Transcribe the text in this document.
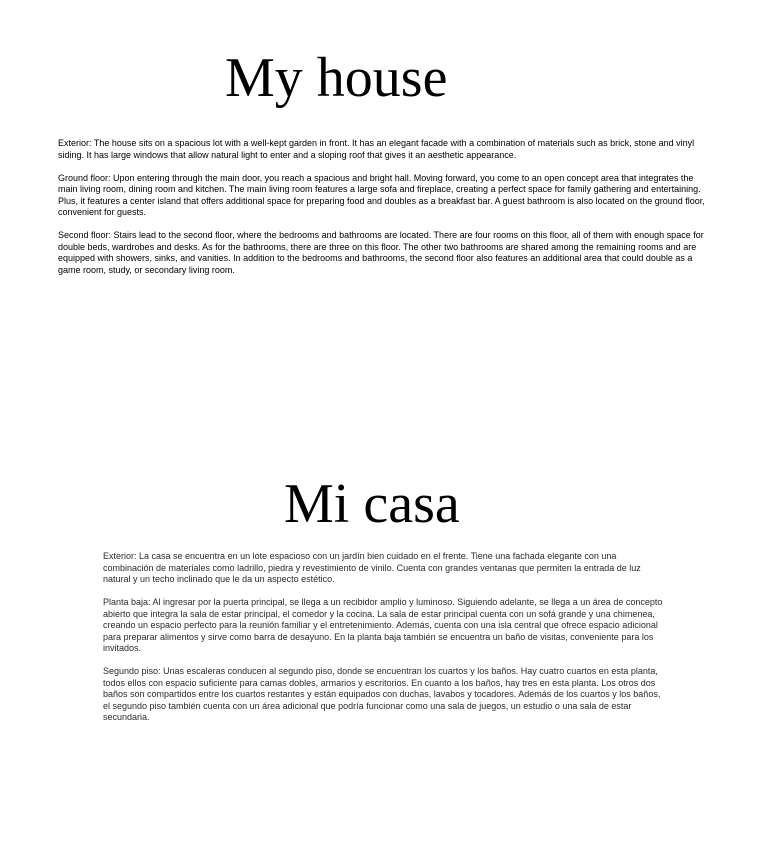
My house

Exterior: The house sits on a spacious lot with a well-kept garden in front. It has an elegant facade with a combination of materials such as brick, stone and vinyl siding. It has large windows that allow natural light to enter and a sloping roof that gives it an aesthetic appearance.

Ground floor: Upon entering through the main door, you reach a spacious and bright hall. Moving forward, you come to an open concept area that integrates the main living room, dining room and kitchen. The main living room features a large sofa and fireplace, creating a perfect space for family gathering and entertaining. Plus, it features a center island that offers additional space for preparing food and doubles as a breakfast bar. A guest bathroom is also located on the ground floor, convenient for guests.

Second floor: Stairs lead to the second floor, where the bedrooms and bathrooms are located. There are four rooms on this floor, all of them with enough space for double beds, wardrobes and desks. As for the bathrooms, there are three on this floor. The other two bathrooms are shared among the remaining rooms and are equipped with showers, sinks, and vanities. In addition to the bedrooms and bathrooms, the second floor also features an additional area that could double as a game room, study, or secondary living room.

Mi casa

Exterior: La casa se encuentra en un lote espacioso con un jardín bien cuidado en el frente. Tiene una fachada elegante con una combinación de materiales como ladrillo, piedra y revestimiento de vinilo. Cuenta con grandes ventanas que permiten la entrada de luz natural y un techo inclinado que le da un aspecto estético.

Planta baja: Al ingresar por la puerta principal, se llega a un recibidor amplio y luminoso. Siguiendo adelante, se llega a un área de concepto abierto que integra la sala de estar principal, el comedor y la cocina. La sala de estar principal cuenta con un sofá grande y una chimenea, creando un espacio perfecto para la reunión familiar y el entretenimiento. Además, cuenta con una isla central que ofrece espacio adicional para preparar alimentos y sirve como barra de desayuno. En la planta baja también se encuentra un baño de visitas, conveniente para los invitados.

Segundo piso: Unas escaleras conducen al segundo piso, donde se encuentran los cuartos y los baños. Hay cuatro cuartos en esta planta, todos ellos con espacio suficiente para camas dobles, armarios y escritorios. En cuanto a los baños, hay tres en esta planta. Los otros dos baños son compartidos entre los cuartos restantes y están equipados con duchas, lavabos y tocadores. Además de los cuartos y los baños, el segundo piso también cuenta con un área adicional que podría funcionar como una sala de juegos, un estudio o una sala de estar secundaria.
